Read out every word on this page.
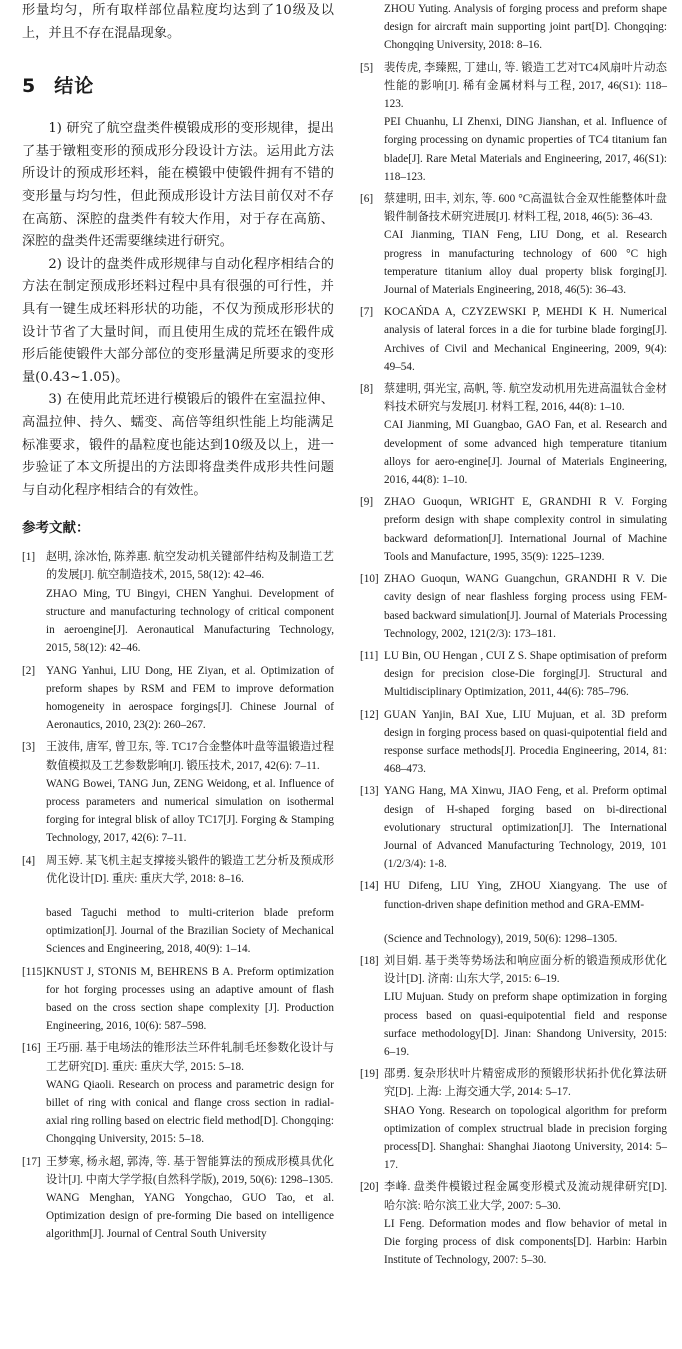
形量均匀，所有取样部位晶粒度均达到了10级及以上，并且不存在混晶现象。

5 结论

1) 研究了航空盘类件模锻成形的变形规律，提出了基于镦粗变形的预成形分段设计方法。运用此方法所设计的预成形坯料，能在模锻中使锻件拥有不错的变形量与均匀性，但此预成形设计方法目前仅对不存在高筋、深腔的盘类件有较大作用，对于存在高筋、深腔的盘类件还需要继续进行研究。

2) 设计的盘类件成形规律与自动化程序相结合的方法在制定预成形坯料过程中具有很强的可行性，并具有一键生成坯料形状的功能，不仅为预成形形状的设计节省了大量时间，而且使用生成的荒坯在锻件成形后能使锻件大部分部位的变形量满足所要求的变形量(0.43~1.05)。

3) 在使用此荒坯进行模锻后的锻件在室温拉伸、高温拉伸、持久、蠕变、高倍等组织性能上均能满足标准要求，锻件的晶粒度也能达到10级及以上，进一步验证了本文所提出的方法即将盘类件成形共性问题与自动化程序相结合的有效性。

参考文献：
[1] 赵明, 涂冰怡, 陈养惠. 航空发动机关键部件结构及制造工艺的发展[J]. 航空制造技术, 2015, 58(12): 42–46.
ZHAO Ming, TU Bingyi, CHEN Yanghui. Development of structure and manufacturing technology of critical component in aeroengine[J]. Aeronautical Manufacturing Technology, 2015, 58(12): 42–46.
[2] YANG Yanhui, LIU Dong, HE Ziyan, et al. Optimization of preform shapes by RSM and FEM to improve deformation homogeneity in aerospace forgings[J]. Chinese Journal of Aeronautics, 2010, 23(2): 260–267.
[3] 王波伟, 唐军, 曾卫东, 等. TC17合金整体叶盘等温锻造过程数值模拟及工艺参数影响[J]. 锻压技术, 2017, 42(6): 7–11.
WANG Bowei, TANG Jun, ZENG Weidong, et al. Influence of process parameters and numerical simulation on isothermal forging for integral blisk of alloy TC17[J]. Forging & Stamping Technology, 2017, 42(6): 7–11.
[4] 周玉婷. 某飞机主起支撑接头锻件的锻造工艺分析及预成形优化设计[D]. 重庆: 重庆大学, 2018: 8–16.
based Taguchi method to multi-criterion blade preform optimization[J]. Journal of the Brazilian Society of Mechanical Sciences and Engineering, 2018, 40(9): 1–14.
[115] KNUST J, STONIS M, BEHRENS B A. Preform optimization for hot forging processes using an adaptive amount of flash based on the cross section shape complexity [J]. Production Engineering, 2016, 10(6): 587–598.
[16] 王巧丽. 基于电场法的锥形法兰环件轧制毛坯参数化设计与工艺研究[D]. 重庆: 重庆大学, 2015: 5–18.
WANG Qiaoli. Research on process and parametric design for billet of ring with conical and flange cross section in radial-axial ring rolling based on electric field method[D]. Chongqing: Chongqing University, 2015: 5–18.
[17] 王梦寒, 杨永超, 郭涛, 等. 基于智能算法的预成形模具优化设计[J]. 中南大学学报(自然科学版), 2019, 50(6): 1298–1305.
WANG Menghan, YANG Yongchao, GUO Tao, et al. Optimization design of pre-forming Die based on intelligence algorithm[J]. Journal of Central South University
ZHOU Yuting. Analysis of forging process and preform shape design for aircraft main supporting joint part[D]. Chongqing: Chongqing University, 2018: 8–16.
[5] 裴传虎, 李臻熙, 丁建山, 等. 锻造工艺对TC4风扇叶片动态性能的影响[J]. 稀有金属材料与工程, 2017, 46(S1): 118–123.
PEI Chuanhu, LI Zhenxi, DING Jianshan, et al. Influence of forging processing on dynamic properties of TC4 titanium fan blade[J]. Rare Metal Materials and Engineering, 2017, 46(S1): 118–123.
[6] 蔡建明, 田丰, 刘东, 等. 600 °C高温钛合金双性能整体叶盘锻件制备技术研究进展[J]. 材料工程, 2018, 46(5): 36–43.
CAI Jianming, TIAN Feng, LIU Dong, et al. Research progress in manufacturing technology of 600 °C high temperature titanium alloy dual property blisk forging[J]. Journal of Materials Engineering, 2018, 46(5): 36–43.
[7] KOCAŃDA A, CZYZEWSKI P, MEHDI K H. Numerical analysis of lateral forces in a die for turbine blade forging[J]. Archives of Civil and Mechanical Engineering, 2009, 9(4): 49–54.
[8] 蔡建明, 弭光宝, 高帆, 等. 航空发动机用先进高温钛合金材料技术研究与发展[J]. 材料工程, 2016, 44(8): 1–10.
CAI Jianming, MI Guangbao, GAO Fan, et al. Research and development of some advanced high temperature titanium alloys for aero-engine[J]. Journal of Materials Engineering, 2016, 44(8): 1–10.
[9] ZHAO Guoqun, WRIGHT E, GRANDHI R V. Forging preform design with shape complexity control in simulating backward deformation[J]. International Journal of Machine Tools and Manufacture, 1995, 35(9): 1225–1239.
[10] ZHAO Guoqun, WANG Guangchun, GRANDHI R V. Die cavity design of near flashless forging process using FEM-based backward simulation[J]. Journal of Materials Processing Technology, 2002, 121(2/3): 173–181.
[11] LU Bin, OU Hengan , CUI Z S. Shape optimisation of preform design for precision close-Die forging[J]. Structural and Multidisciplinary Optimization, 2011, 44(6): 785–796.
[12] GUAN Yanjin, BAI Xue, LIU Mujuan, et al. 3D preform design in forging process based on quasi-quipotential field and response surface methods[J]. Procedia Engineering, 2014, 81: 468–473.
[13] YANG Hang, MA Xinwu, JIAO Feng, et al. Preform optimal design of H-shaped forging based on bi-directional evolutionary structural optimization[J]. The International Journal of Advanced Manufacturing Technology, 2019, 101 (1/2/3/4): 1-8.
[14] HU Difeng, LIU Ying, ZHOU Xiangyang. The use of function-driven shape definition method and GRA-EMM-
(Science and Technology), 2019, 50(6): 1298–1305.
[18] 刘目娟. 基于类等势场法和响应面分析的锻造预成形优化设计[D]. 济南: 山东大学, 2015: 6–19.
LIU Mujuan. Study on preform shape optimization in forging process based on quasi-equipotential field and response surface methodology[D]. Jinan: Shandong University, 2015: 6–19.
[19] 邵勇. 复杂形状叶片精密成形的预锻形状拓扑优化算法研究[D]. 上海: 上海交通大学, 2014: 5–17.
SHAO Yong. Research on topological algorithm for preform optimization of complex structrual blade in precision forging process[D]. Shanghai: Shanghai Jiaotong University, 2014: 5–17.
[20] 李峰. 盘类件模锻过程金属变形模式及流动规律研究[D]. 哈尔滨: 哈尔滨工业大学, 2007: 5–30.
LI Feng. Deformation modes and flow behavior of metal in Die forging process of disk components[D]. Harbin: Harbin Institute of Technology, 2007: 5–30.
